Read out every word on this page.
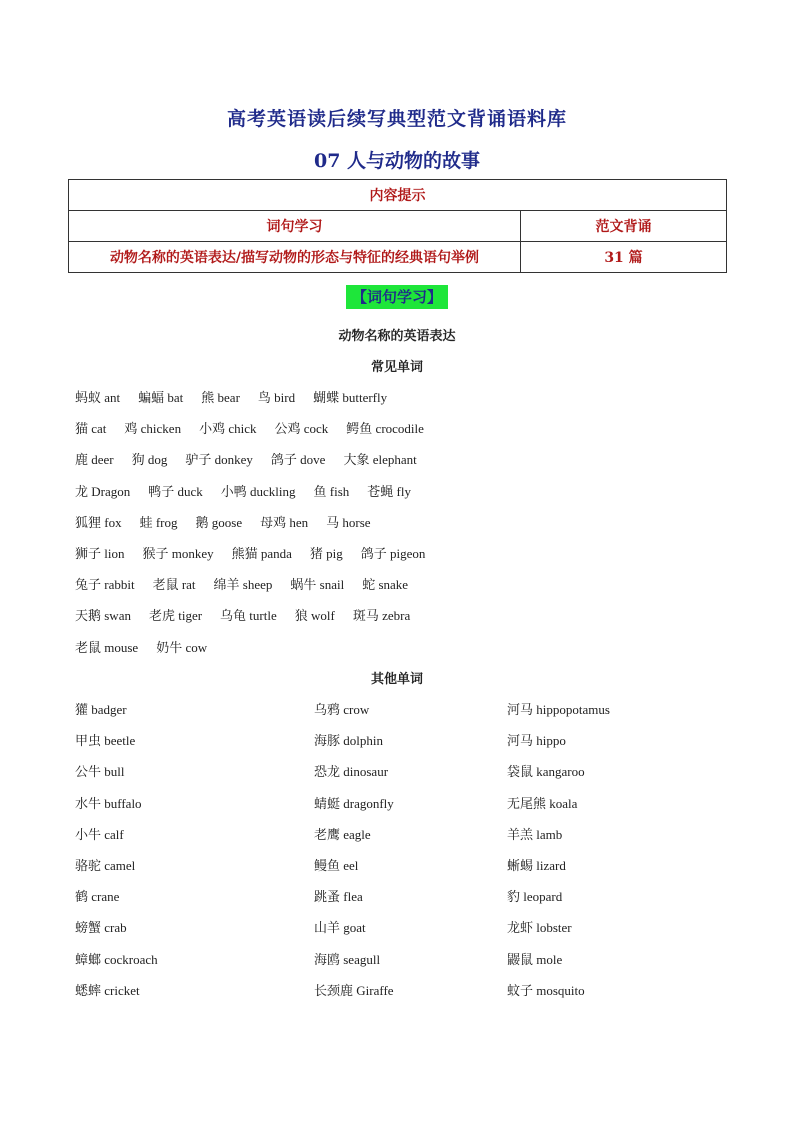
高考英语读后续写典型范文背诵语料库
07 人与动物的故事
内容提示	
词句学习	范文背诵
动物名称的英语表达/描写动物的形态与特征的经典语句举例	31 篇
【词句学习】
动物名称的英语表达
常见单词
蚂蚁 ant 蝙蝠 bat 熊 bear 鸟 bird 蝴蝶 butterfly
猫 cat 鸡 chicken 小鸡 chick 公鸡 cock 鳄鱼 crocodile
鹿 deer 狗 dog 驴子 donkey 鸽子 dove 大象 elephant
龙 Dragon 鸭子 duck 小鸭 duckling 鱼 fish 苍蝇 fly
狐狸 fox 蛙 frog 鹅 goose 母鸡 hen 马 horse
狮子 lion 猴子 monkey 熊猫 panda 猪 pig 鸽子 pigeon
兔子 rabbit 老鼠 rat 绵羊 sheep 蜗牛 snail 蛇 snake
天鹅 swan 老虎 tiger 乌龟 turtle 狼 wolf 斑马 zebra
老鼠 mouse 奶牛 cow
其他单词
獾 badger	乌鸦 crow	河马 hippopotamus
甲虫 beetle	海豚 dolphin	河马 hippo
公牛 bull	恐龙 dinosaur	袋鼠 kangaroo
水牛 buffalo	蜻蜓 dragonfly	无尾熊 koala
小牛 calf	老鹰 eagle	羊羔 lamb
骆驼 camel	鳗鱼 eel	蜥蜴 lizard
鹤 crane	跳蚤 flea	豹 leopard
螃蟹 crab	山羊 goat	龙虾 lobster
蟑螂 cockroach	海鸥 seagull	鼹鼠 mole
蟋蟀 cricket	长颈鹿 Giraffe	蚊子 mosquito
